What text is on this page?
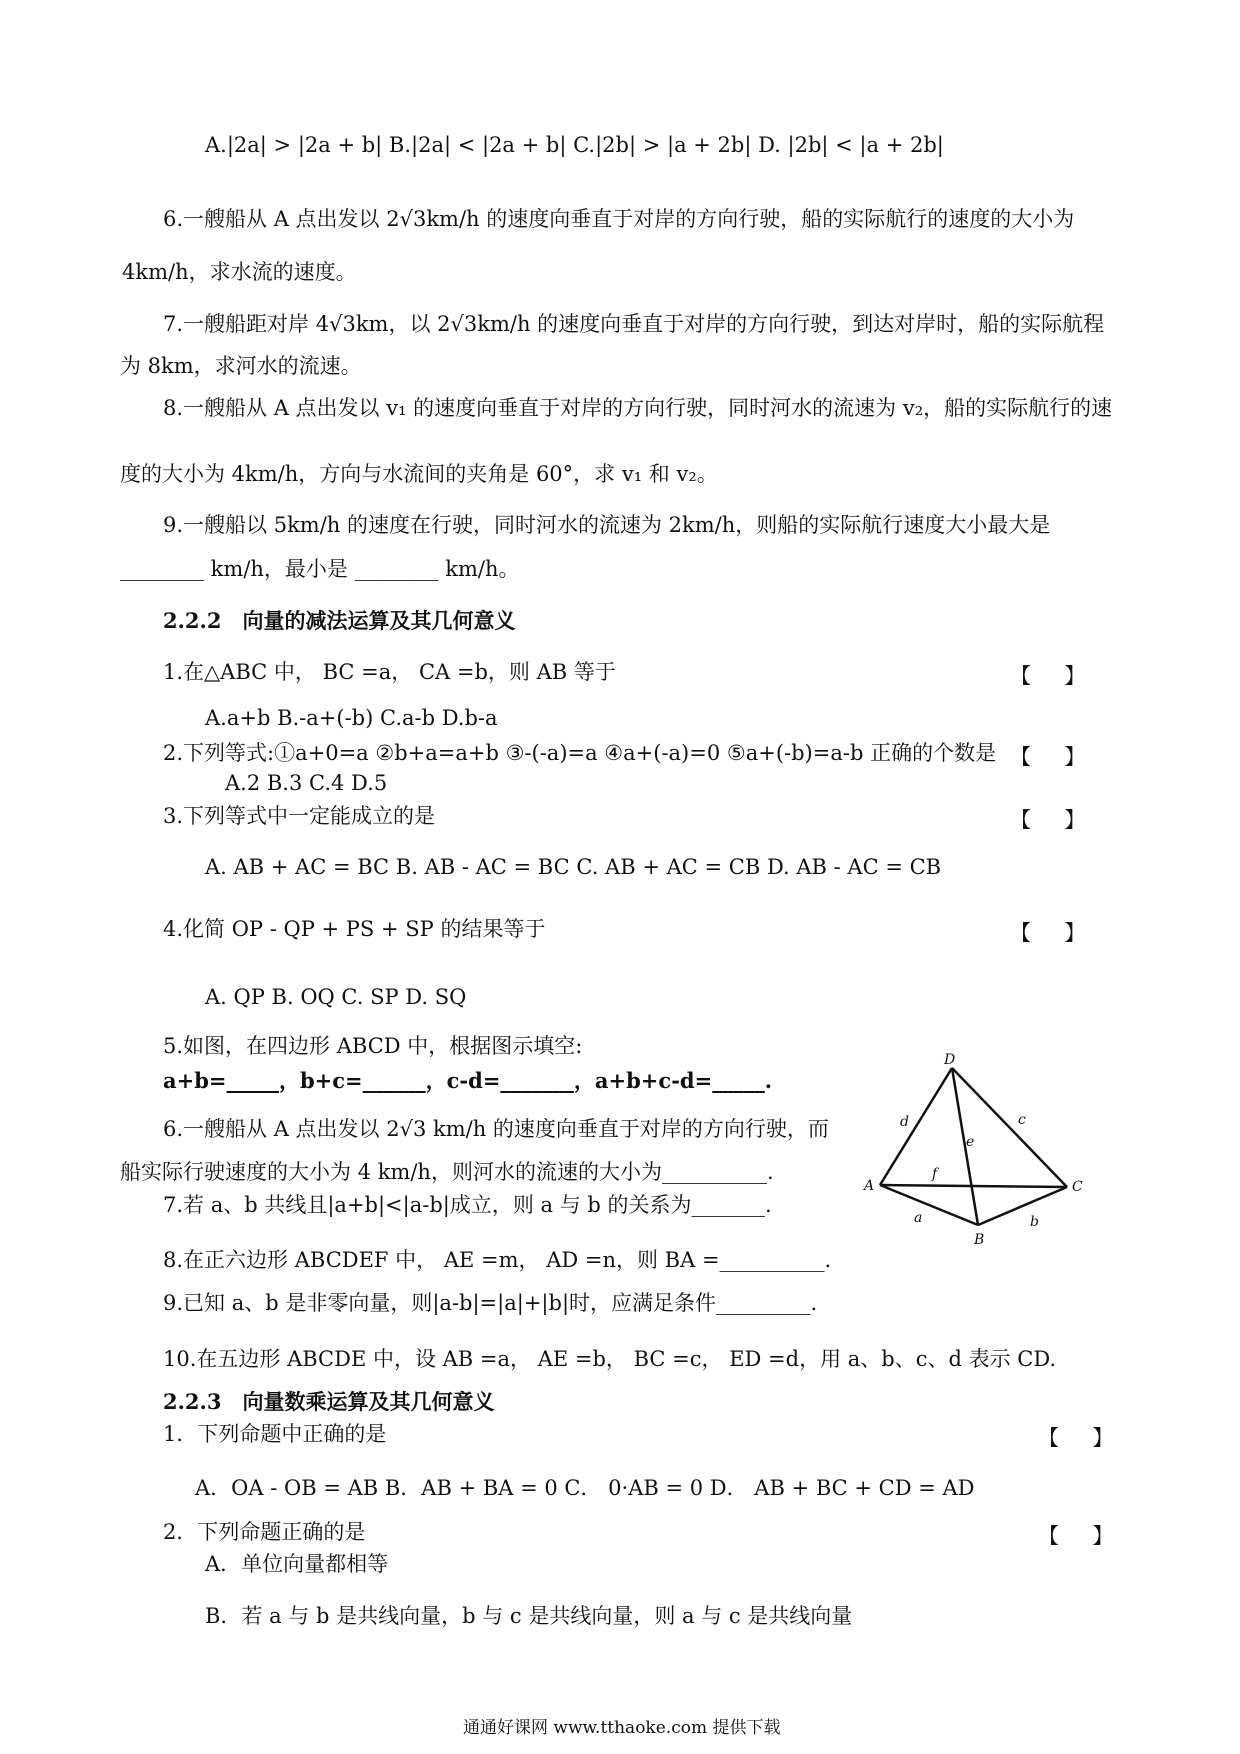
A.|2a| > |2a + b| B.|2a| < |2a + b| C.|2b| > |a + 2b| D. |2b| < |a + 2b|
6.一艘船从 A 点出发以 2√3km/h 的速度向垂直于对岸的方向行驶，船的实际航行的速度的大小为
4km/h，求水流的速度。
7.一艘船距对岸 4√3km，以 2√3km/h 的速度向垂直于对岸的方向行驶，到达对岸时，船的实际航程
为 8km，求河水的流速。
8.一艘船从 A 点出发以 v₁ 的速度向垂直于对岸的方向行驶，同时河水的流速为 v₂，船的实际航行的速
度的大小为 4km/h，方向与水流间的夹角是 60°，求 v₁ 和 v₂。
9.一艘船以 5km/h 的速度在行驶，同时河水的流速为 2km/h，则船的实际航行速度大小最大是
________ km/h，最小是 ________ km/h。
2.2.2　向量的减法运算及其几何意义
1.在△ABC 中， BC =a， CA =b，则 AB 等于
A.a+b B.-a+(-b) C.a-b D.b-a
2.下列等式:①a+0=a ②b+a=a+b ③-(-a)=a ④a+(-a)=0 ⑤a+(-b)=a-b 正确的个数是
A.2 B.3 C.4 D.5
3.下列等式中一定能成立的是
A. AB + AC = BC B. AB - AC = BC C. AB + AC = CB D. AB - AC = CB
4.化简 OP - QP + PS + SP 的结果等于
A. QP B. OQ C. SP D. SQ
5.如图，在四边形 ABCD 中，根据图示填空:
a+b=_____，b+c=______，c-d=_______，a+b+c-d=_____.
6.一艘船从 A 点出发以 2√3 km/h 的速度向垂直于对岸的方向行驶，而
船实际行驶速度的大小为 4 km/h，则河水的流速的大小为__________.
7.若 a、b 共线且|a+b|<|a-b|成立，则 a 与 b 的关系为_______.
8.在正六边形 ABCDEF 中， AE =m， AD =n，则 BA =__________.
9.已知 a、b 是非零向量，则|a-b|=|a|+|b|时，应满足条件_________.
10.在五边形 ABCDE 中，设 AB =a， AE =b， BC =c， ED =d，用 a、b、c、d 表示 CD.
2.2.3　向量数乘运算及其几何意义
1．下列命题中正确的是
A．OA - OB = AB B．AB + BA = 0 C． 0·AB = 0 D． AB + BC + CD = AD
2．下列命题正确的是
A．单位向量都相等
B．若 a 与 b 是共线向量，b 与 c 是共线向量，则 a 与 c 是共线向量
【     】
【     】
【     】
【     】
【     】
【     】
D
A	C
B
d
e
c
f
a	b
通通好课网 www.tthaoke.com 提供下载
